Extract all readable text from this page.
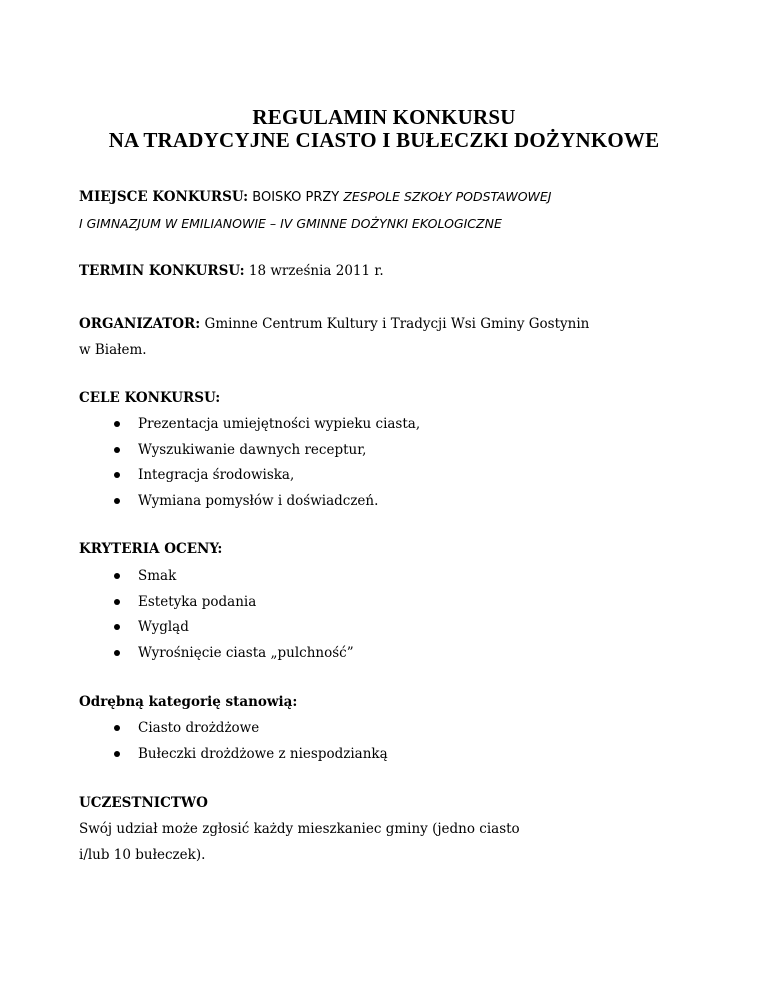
REGULAMIN KONKURSU
NA TRADYCYJNE CIASTO I BUŁECZKI DOŻYNKOWE
MIEJSCE KONKURSU: BOISKO PRZY ZESPOLE SZKOŁY PODSTAWOWEJ
I GIMNAZJUM W EMILIANOWIE – IV GMINNE DOŻYNKI EKOLOGICZNE
TERMIN KONKURSU: 18 września 2011 r.
ORGANIZATOR: Gminne Centrum Kultury i Tradycji Wsi Gminy Gostynin
w Białem.
CELE KONKURSU:
Prezentacja umiejętności wypieku ciasta,
Wyszukiwanie dawnych receptur,
Integracja środowiska,
Wymiana pomysłów i doświadczeń.
KRYTERIA OCENY:
Smak
Estetyka podania
Wygląd
Wyrośnięcie ciasta „pulchność”
Odrębną kategorię stanowią:
Ciasto drożdżowe
Bułeczki drożdżowe z niespodzianką
UCZESTNICTWO
Swój udział może zgłosić każdy mieszkaniec gminy (jedno ciasto
i/lub 10 bułeczek).
